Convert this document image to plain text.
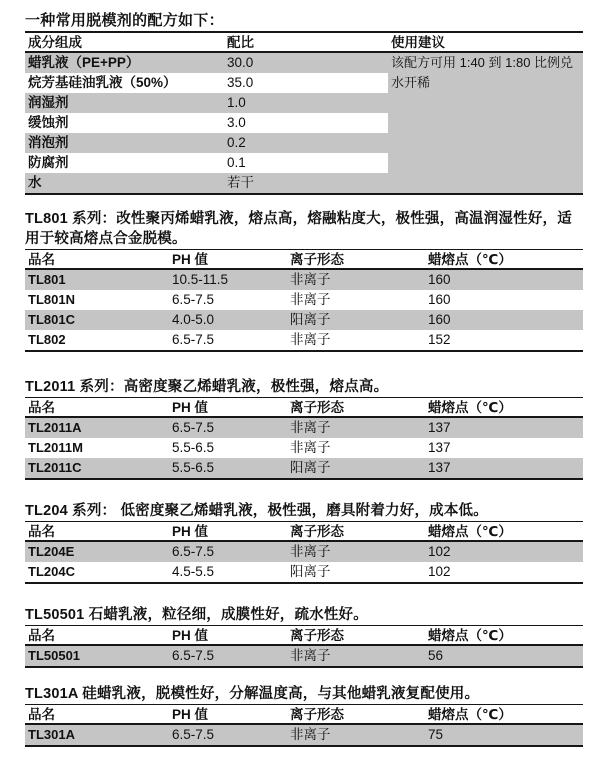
一种常用脱模剂的配方如下：
成分组成	配比	使用建议
蜡乳液（PE+PP）	30.0	该配方可用 1:40 到 1:80 比例兑
水开稀
烷芳基硅油乳液（50%）	35.0
润湿剂	1.0
缓蚀剂	3.0
消泡剂	0.2
防腐剂	0.1
水	若干
TL801 系列：改性聚丙烯蜡乳液，熔点高，熔融粘度大，极性强，高温润湿性好，适用于较高熔点合金脱模。
品名	PH 值	离子形态	蜡熔点（℃）
TL801	10.5-11.5	非离子	160
TL801N	6.5-7.5	非离子	160
TL801C	4.0-5.0	阳离子	160
TL802	6.5-7.5	非离子	152
TL2011 系列：高密度聚乙烯蜡乳液，极性强，熔点高。
品名	PH 值	离子形态	蜡熔点（℃）
TL2011A	6.5-7.5	非离子	137
TL2011M	5.5-6.5	非离子	137
TL2011C	5.5-6.5	阳离子	137
TL204 系列： 低密度聚乙烯蜡乳液，极性强，磨具附着力好，成本低。
品名	PH 值	离子形态	蜡熔点（℃）
TL204E	6.5-7.5	非离子	102
TL204C	4.5-5.5	阳离子	102
TL50501 石蜡乳液，粒径细，成膜性好，疏水性好。
品名	PH 值	离子形态	蜡熔点（℃）
TL50501	6.5-7.5	非离子	56
TL301A 硅蜡乳液，脱模性好，分解温度高，与其他蜡乳液复配使用。
品名	PH 值	离子形态	蜡熔点（℃）
TL301A	6.5-7.5	非离子	75
